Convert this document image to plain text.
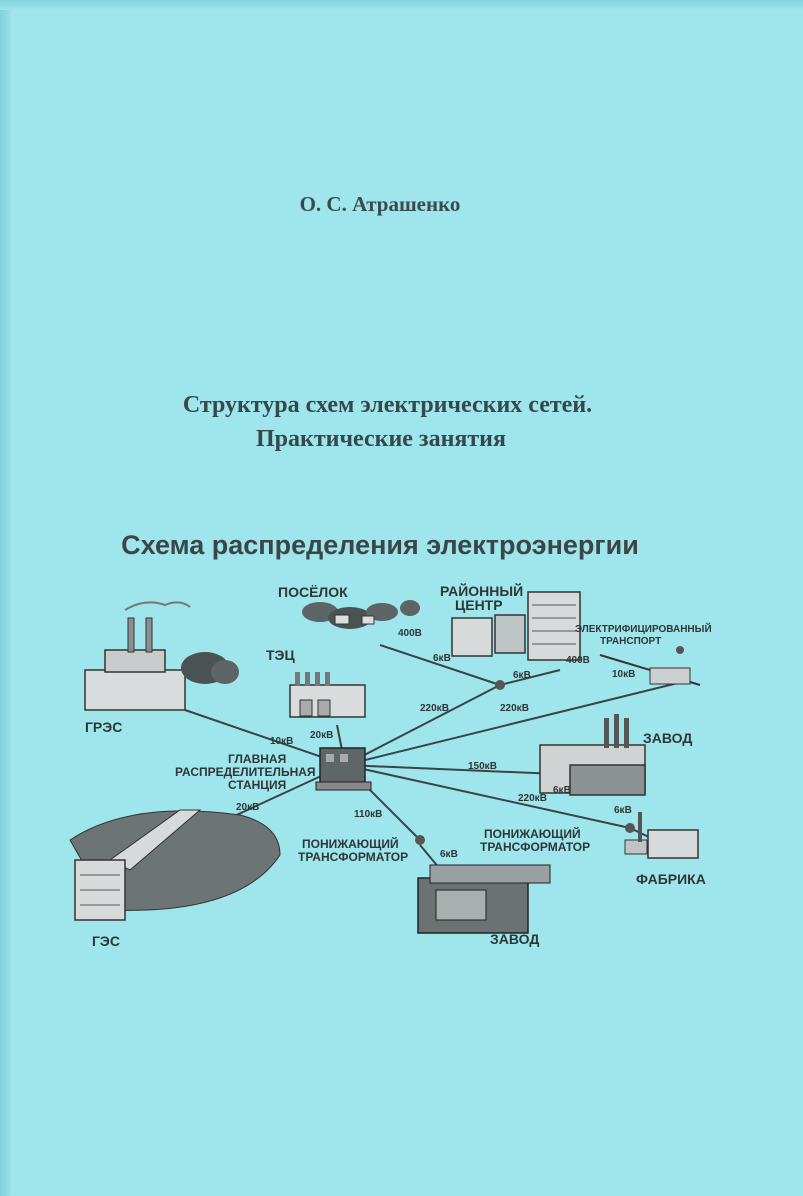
О. С. Атрашенко
Структура схем электрических сетей.
Практические занятия
Схема распределения электроэнергии
ПОСЁЛОК	РАЙОННЫЙ
ЦЕНТР
ЭЛЕКТРИФИЦИРОВАННЫЙ
ТРАНСПОРТ
ТЭЦ
ГРЭС
ЗАВОД
ГЛАВНАЯ
РАСПРЕДЕЛИТЕЛЬНАЯ
СТАНЦИЯ
ПОНИЖАЮЩИЙ
ТРАНСФОРМАТОР
ПОНИЖАЮЩИЙ
ТРАНСФОРМАТОР
ФАБРИКА
ГЭС	ЗАВОД
400В
400В
6кВ
6кВ	10кВ
220кВ	220кВ
10кВ
20кВ
150кВ
6кВ
220кВ
6кВ
20кВ
110кВ
6кВ
